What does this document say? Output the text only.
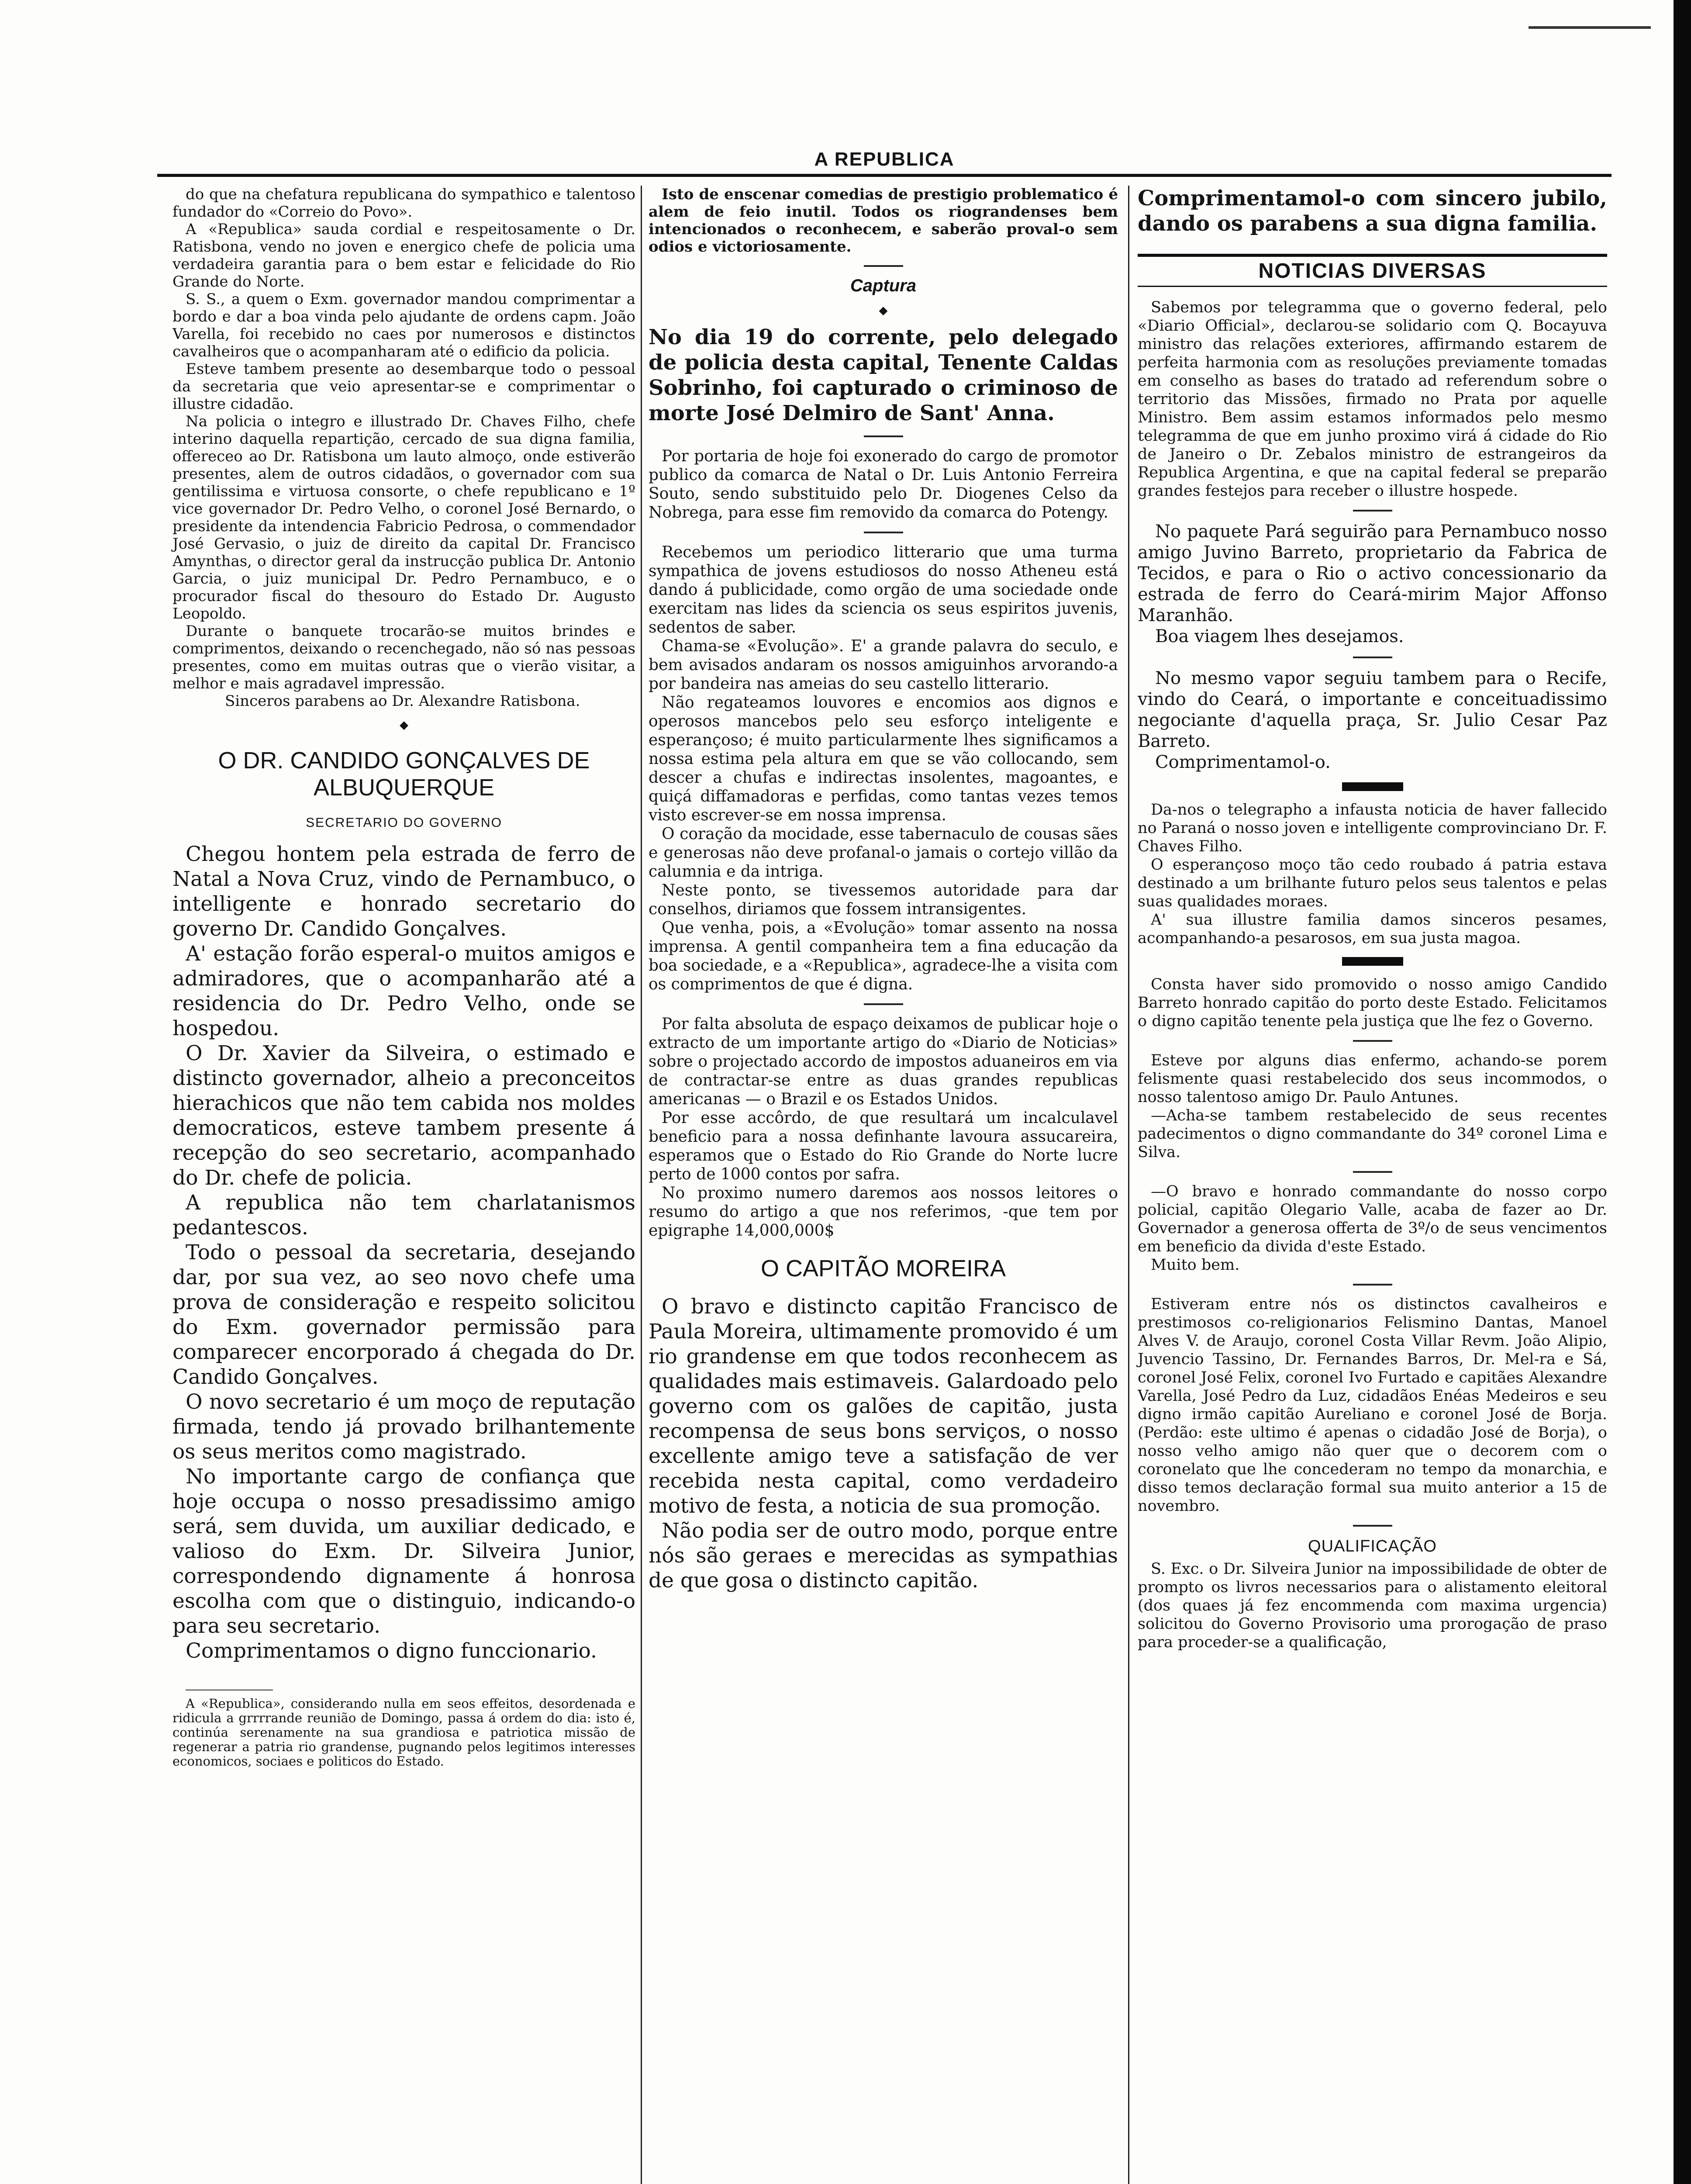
A REPUBLICA

do que na chefatura republicana do sympathico e talentoso fundador do «Correio do Povo».

A «Republica» sauda cordial e respeitosamente o Dr. Ratisbona, vendo no joven e energico chefe de policia uma verdadeira garantia para o bem estar e felicidade do Rio Grande do Norte.

S. S., a quem o Exm. governador mandou comprimentar a bordo e dar a boa vinda pelo ajudante de ordens capm. João Varella, foi recebido no caes por numerosos e distinctos cavalheiros que o acompanharam até o edificio da policia.

Esteve tambem presente ao desembarque todo o pessoal da secretaria que veio apresentar-se e comprimentar o illustre cidadão.

Na policia o integro e illustrado Dr. Chaves Filho, chefe interino daquella repartição, cercado de sua digna familia, offereceo ao Dr. Ratisbona um lauto almoço, onde estiverão presentes, alem de outros cidadãos, o governador com sua gentilissima e virtuosa consorte, o chefe republicano e 1º vice governador Dr. Pedro Velho, o coronel José Bernardo, o presidente da intendencia Fabricio Pedrosa, o commendador José Gervasio, o juiz de direito da capital Dr. Francisco Amynthas, o director geral da instrucção publica Dr. Antonio Garcia, o juiz municipal Dr. Pedro Pernambuco, e o procurador fiscal do thesouro do Estado Dr. Augusto Leopoldo.

Durante o banquete trocarão-se muitos brindes e comprimentos, deixando o recenchegado, não só nas pessoas presentes, como em muitas outras que o vierão visitar, a melhor e mais agradavel impressão.

Sinceros parabens ao Dr. Alexandre Ratisbona.

◆
O DR. CANDIDO GONÇALVES DE ALBUQUERQUE
SECRETARIO DO GOVERNO

Chegou hontem pela estrada de ferro de Natal a Nova Cruz, vindo de Pernambuco, o intelligente e honrado secretario do governo Dr. Candido Gonçalves.

A' estação forão esperal-o muitos amigos e admiradores, que o acompanharão até a residencia do Dr. Pedro Velho, onde se hospedou.

O Dr. Xavier da Silveira, o estimado e distincto governador, alheio a preconceitos hierachicos que não tem cabida nos moldes democraticos, esteve tambem presente á recepção do seo secretario, acompanhado do Dr. chefe de policia.

A republica não tem charlatanismos pedantescos.

Todo o pessoal da secretaria, desejando dar, por sua vez, ao seo novo chefe uma prova de consideração e respeito solicitou do Exm. governador permissão para comparecer encorporado á chegada do Dr. Candido Gonçalves.

O novo secretario é um moço de reputação firmada, tendo já provado brilhantemente os seus meritos como magistrado.

No importante cargo de confiança que hoje occupa o nosso presadissimo amigo será, sem duvida, um auxiliar dedicado, e valioso do Exm. Dr. Silveira Junior, correspondendo dignamente á honrosa escolha com que o distinguio, indicando-o para seu secretario.

Comprimentamos o digno funccionario.

A «Republica», considerando nulla em seos effeitos, desordenada e ridicula a grrrrande reunião de Domingo, passa á ordem do dia: isto é, continúa serenamente na sua grandiosa e patriotica missão de regenerar a patria rio grandense, pugnando pelos legitimos interesses economicos, sociaes e politicos do Estado.

Isto de enscenar comedias de prestigio problematico é alem de feio inutil. Todos os riograndenses bem intencionados o reconhecem, e saberão proval-o sem odios e victoriosamente.

Captura
◆

No dia 19 do corrente, pelo delegado de policia desta capital, Tenente Caldas Sobrinho, foi capturado o criminoso de morte José Delmiro de Sant' Anna.

Por portaria de hoje foi exonerado do cargo de promotor publico da comarca de Natal o Dr. Luis Antonio Ferreira Souto, sendo substituido pelo Dr. Diogenes Celso da Nobrega, para esse fim removido da comarca do Potengy.

Recebemos um periodico litterario que uma turma sympathica de jovens estudiosos do nosso Atheneu está dando á publicidade, como orgão de uma sociedade onde exercitam nas lides da sciencia os seus espiritos juvenis, sedentos de saber.

Chama-se «Evolução». E' a grande palavra do seculo, e bem avisados andaram os nossos amiguinhos arvorando-a por bandeira nas ameias do seu castello litterario.

Não regateamos louvores e encomios aos dignos e operosos mancebos pelo seu esforço inteligente e esperançoso; é muito particularmente lhes significamos a nossa estima pela altura em que se vão collocando, sem descer a chufas e indirectas insolentes, magoantes, e quiçá diffamadoras e perfidas, como tantas vezes temos visto escrever-se em nossa imprensa.

O coração da mocidade, esse tabernaculo de cousas sães e generosas não deve profanal-o jamais o cortejo villão da calumnia e da intriga.

Neste ponto, se tivessemos autoridade para dar conselhos, diriamos que fossem intransigentes.

Que venha, pois, a «Evolução» tomar assento na nossa imprensa. A gentil companheira tem a fina educação da boa sociedade, e a «Republica», agradece-lhe a visita com os comprimentos de que é digna.

Por falta absoluta de espaço deixamos de publicar hoje o extracto de um importante artigo do «Diario de Noticias» sobre o projectado accordo de impostos aduaneiros em via de contractar-se entre as duas grandes republicas americanas — o Brazil e os Estados Unidos.

Por esse accôrdo, de que resultará um incalculavel beneficio para a nossa definhante lavoura assucareira, esperamos que o Estado do Rio Grande do Norte lucre perto de 1000 contos por safra.

No proximo numero daremos aos nossos leitores o resumo do artigo a que nos referimos, -que tem por epigraphe 14,000,000$

O CAPITÃO MOREIRA

O bravo e distincto capitão Francisco de Paula Moreira, ultimamente promovido é um rio grandense em que todos reconhecem as qualidades mais estimaveis. Galardoado pelo governo com os galões de capitão, justa recompensa de seus bons serviços, o nosso excellente amigo teve a satisfação de ver recebida nesta capital, como verdadeiro motivo de festa, a noticia de sua promoção.

Não podia ser de outro modo, porque entre nós são geraes e merecidas as sympathias de que gosa o distincto capitão.

Comprimentamol-o com sincero jubilo, dando os parabens a sua digna familia.

NOTICIAS DIVERSAS

Sabemos por telegramma que o governo federal, pelo «Diario Official», declarou-se solidario com Q. Bocayuva ministro das relações exteriores, affirmando estarem de perfeita harmonia com as resoluções previamente tomadas em conselho as bases do tratado ad referendum sobre o territorio das Missões, firmado no Prata por aquelle Ministro. Bem assim estamos informados pelo mesmo telegramma de que em junho proximo virá á cidade do Rio de Janeiro o Dr. Zebalos ministro de estrangeiros da Republica Argentina, e que na capital federal se preparão grandes festejos para receber o illustre hospede.

No paquete Pará seguirão para Pernambuco nosso amigo Juvino Barreto, proprietario da Fabrica de Tecidos, e para o Rio o activo concessionario da estrada de ferro do Ceará-mirim Major Affonso Maranhão.

Boa viagem lhes desejamos.

No mesmo vapor seguiu tambem para o Recife, vindo do Ceará, o importante e conceituadissimo negociante d'aquella praça, Sr. Julio Cesar Paz Barreto.

Comprimentamol-o.

Da-nos o telegrapho a infausta noticia de haver fallecido no Paraná o nosso joven e intelligente comprovinciano Dr. F. Chaves Filho.

O esperançoso moço tão cedo roubado á patria estava destinado a um brilhante futuro pelos seus talentos e pelas suas qualidades moraes.

A' sua illustre familia damos sinceros pesames, acompanhando-a pesarosos, em sua justa magoa.

Consta haver sido promovido o nosso amigo Candido Barreto honrado capitão do porto deste Estado. Felicitamos o digno capitão tenente pela justiça que lhe fez o Governo.

Esteve por alguns dias enfermo, achando-se porem felismente quasi restabelecido dos seus incommodos, o nosso talentoso amigo Dr. Paulo Antunes.

—Acha-se tambem restabelecido de seus recentes padecimentos o digno commandante do 34º coronel Lima e Silva.

—O bravo e honrado commandante do nosso corpo policial, capitão Olegario Valle, acaba de fazer ao Dr. Governador a generosa offerta de 3º/o de seus vencimentos em beneficio da divida d'este Estado.

Muito bem.

Estiveram entre nós os distinctos cavalheiros e prestimosos co-religionarios Felismino Dantas, Manoel Alves V. de Araujo, coronel Costa Villar Revm. João Alipio, Juvencio Tassino, Dr. Fernandes Barros, Dr. Mel-ra e Sá, coronel José Felix, coronel Ivo Furtado e capitães Alexandre Varella, José Pedro da Luz, cidadãos Enéas Medeiros e seu digno irmão capitão Aureliano e coronel José de Borja. (Perdão: este ultimo é apenas o cidadão José de Borja), o nosso velho amigo não quer que o decorem com o coronelato que lhe concederam no tempo da monarchia, e disso temos declaração formal sua muito anterior a 15 de novembro.

QUALIFICAÇÃO

S. Exc. o Dr. Silveira Junior na impossibilidade de obter de prompto os livros necessarios para o alistamento eleitoral (dos quaes já fez encommenda com maxima urgencia) solicitou do Governo Provisorio uma prorogação de praso para proceder-se a qualificação,
